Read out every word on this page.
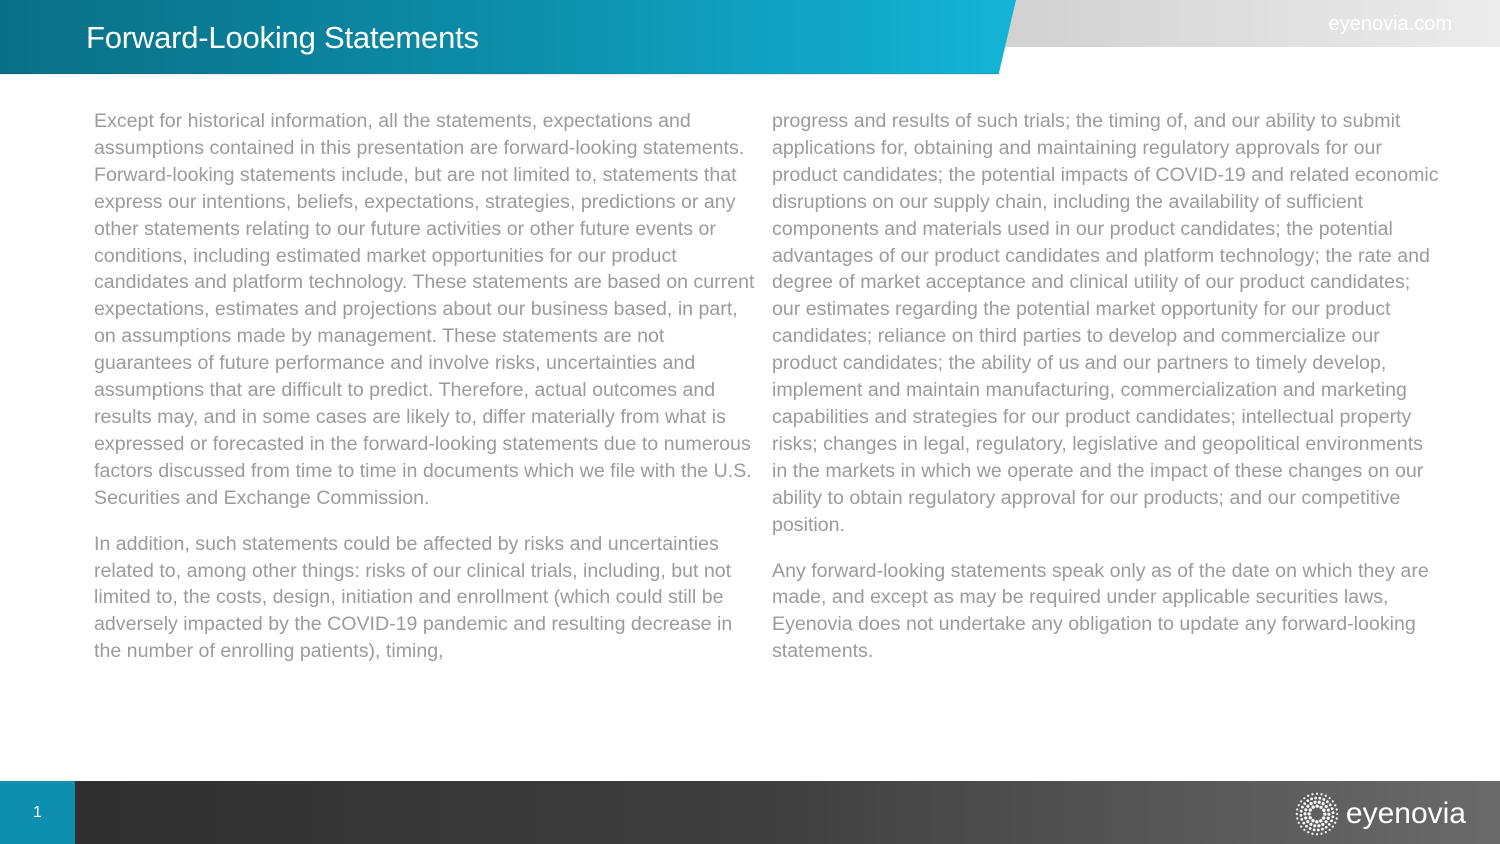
Forward-Looking Statements	eyenovia.com

Except for historical information, all the statements, expectations and assumptions contained in this presentation are forward-looking statements. Forward-looking statements include, but are not limited to, statements that express our intentions, beliefs, expectations, strategies, predictions or any other statements relating to our future activities or other future events or conditions, including estimated market opportunities for our product candidates and platform technology. These statements are based on current expectations, estimates and projections about our business based, in part, on assumptions made by management. These statements are not guarantees of future performance and involve risks, uncertainties and assumptions that are difficult to predict. Therefore, actual outcomes and results may, and in some cases are likely to, differ materially from what is expressed or forecasted in the forward-looking statements due to numerous factors discussed from time to time in documents which we file with the U.S. Securities and Exchange Commission.

In addition, such statements could be affected by risks and uncertainties related to, among other things: risks of our clinical trials, including, but not limited to, the costs, design, initiation and enrollment (which could still be adversely impacted by the COVID-19 pandemic and resulting decrease in the number of enrolling patients), timing,

progress and results of such trials; the timing of, and our ability to submit applications for, obtaining and maintaining regulatory approvals for our product candidates; the potential impacts of COVID-19 and related economic disruptions on our supply chain, including the availability of sufficient components and materials used in our product candidates; the potential advantages of our product candidates and platform technology; the rate and degree of market acceptance and clinical utility of our product candidates; our estimates regarding the potential market opportunity for our product candidates; reliance on third parties to develop and commercialize our product candidates; the ability of us and our partners to timely develop, implement and maintain manufacturing, commercialization and marketing capabilities and strategies for our product candidates; intellectual property risks; changes in legal, regulatory, legislative and geopolitical environments in the markets in which we operate and the impact of these changes on our ability to obtain regulatory approval for our products; and our competitive position.

Any forward-looking statements speak only as of the date on which they are made, and except as may be required under applicable securities laws, Eyenovia does not undertake any obligation to update any forward-looking statements.

1	eyenovia
